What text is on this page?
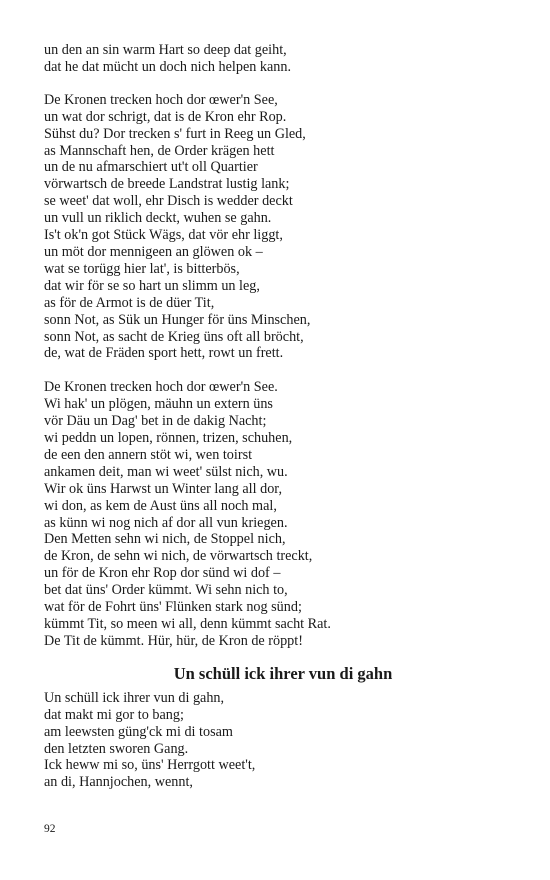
un den an sin warm Hart so deep dat geiht,
dat he dat mücht un doch nich helpen kann.
De Kronen trecken hoch dor œwer'n See,
un wat dor schrigt, dat is de Kron ehr Rop.
Sühst du? Dor trecken s' furt in Reeg un Gled,
as Mannschaft hen, de Order krägen hett
un de nu afmarschiert ut't oll Quartier
vörwartsch de breede Landstrat lustig lank;
se weet' dat woll, ehr Disch is wedder deckt
un vull un riklich deckt, wuhen se gahn.
Is't ok'n got Stück Wägs, dat vör ehr liggt,
un möt dor mennigeen an glöwen ok –
wat se torügg hier lat', is bitterbös,
dat wir för se so hart un slimm un leg,
as för de Armot is de düer Tit,
sonn Not, as Sük un Hunger för üns Minschen,
sonn Not, as sacht de Krieg üns oft all bröcht,
de, wat de Fräden sport hett, rowt un frett.
De Kronen trecken hoch dor œwer'n See.
Wi hak' un plögen, mäuhn un extern üns
vör Däu un Dag' bet in de dakig Nacht;
wi peddn un lopen, rönnen, trizen, schuhen,
de een den annern stöt wi, wen toirst
ankamen deit, man wi weet' sülst nich, wu.
Wir ok üns Harwst un Winter lang all dor,
wi don, as kem de Aust üns all noch mal,
as künn wi nog nich af dor all vun kriegen.
Den Metten sehn wi nich, de Stoppel nich,
de Kron, de sehn wi nich, de vörwartsch treckt,
un för de Kron ehr Rop dor sünd wi dof –
bet dat üns' Order kümmt. Wi sehn nich to,
wat för de Fohrt üns' Flünken stark nog sünd;
kümmt Tit, so meen wi all, denn kümmt sacht Rat.
De Tit de kümmt. Hür, hür, de Kron de röppt!
Un schüll ick ihrer vun di gahn
Un schüll ick ihrer vun di gahn,
dat makt mi gor to bang;
am leewsten güng'ck mi di tosam
den letzten sworen Gang.
Ick heww mi so, üns' Herrgott weet't,
an di, Hannjochen, wennt,
92
